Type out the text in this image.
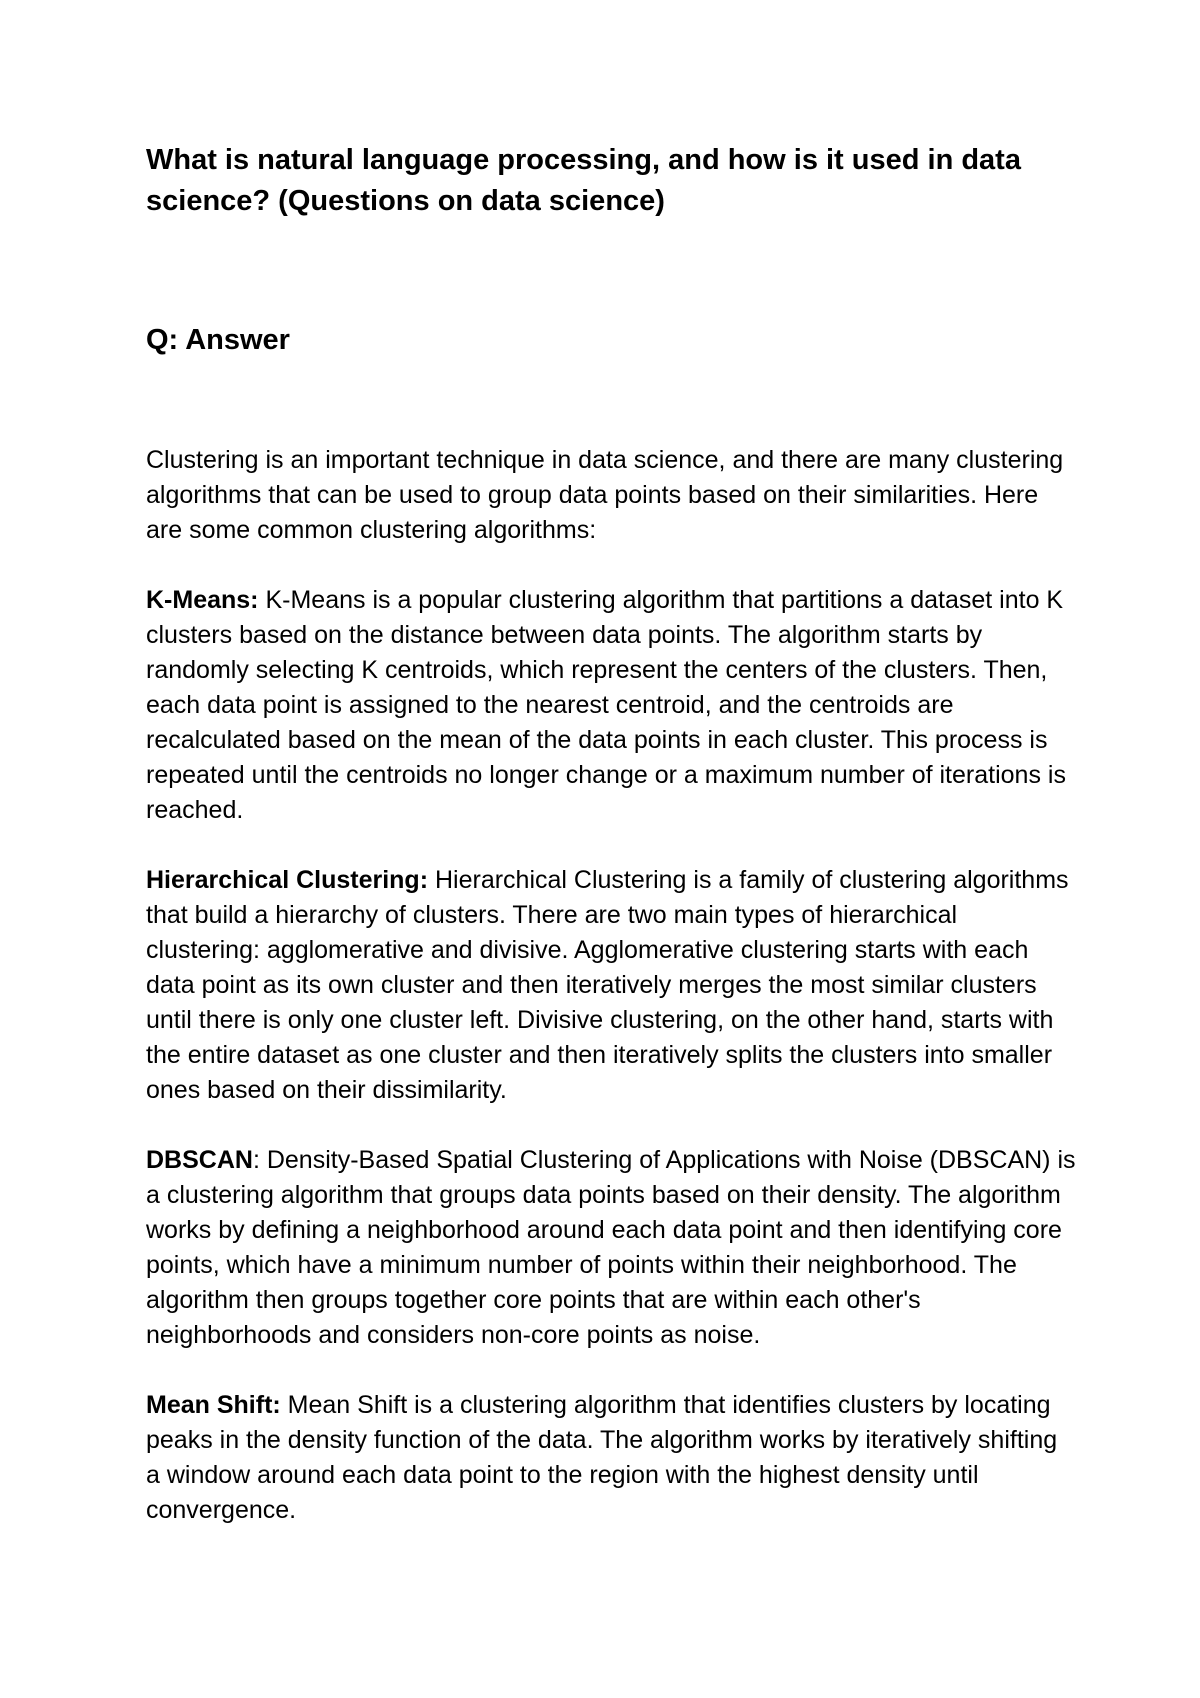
What is natural language processing, and how is it used in data science? (Questions on data science)
Q: Answer

Clustering is an important technique in data science, and there are many clustering algorithms that can be used to group data points based on their similarities. Here are some common clustering algorithms:

K-Means: K-Means is a popular clustering algorithm that partitions a dataset into K clusters based on the distance between data points. The algorithm starts by randomly selecting K centroids, which represent the centers of the clusters. Then, each data point is assigned to the nearest centroid, and the centroids are recalculated based on the mean of the data points in each cluster. This process is repeated until the centroids no longer change or a maximum number of iterations is reached.

Hierarchical Clustering: Hierarchical Clustering is a family of clustering algorithms that build a hierarchy of clusters. There are two main types of hierarchical clustering: agglomerative and divisive. Agglomerative clustering starts with each data point as its own cluster and then iteratively merges the most similar clusters until there is only one cluster left. Divisive clustering, on the other hand, starts with the entire dataset as one cluster and then iteratively splits the clusters into smaller ones based on their dissimilarity.

DBSCAN: Density-Based Spatial Clustering of Applications with Noise (DBSCAN) is a clustering algorithm that groups data points based on their density. The algorithm works by defining a neighborhood around each data point and then identifying core points, which have a minimum number of points within their neighborhood. The algorithm then groups together core points that are within each other's neighborhoods and considers non-core points as noise.

Mean Shift: Mean Shift is a clustering algorithm that identifies clusters by locating peaks in the density function of the data. The algorithm works by iteratively shifting a window around each data point to the region with the highest density until convergence.
